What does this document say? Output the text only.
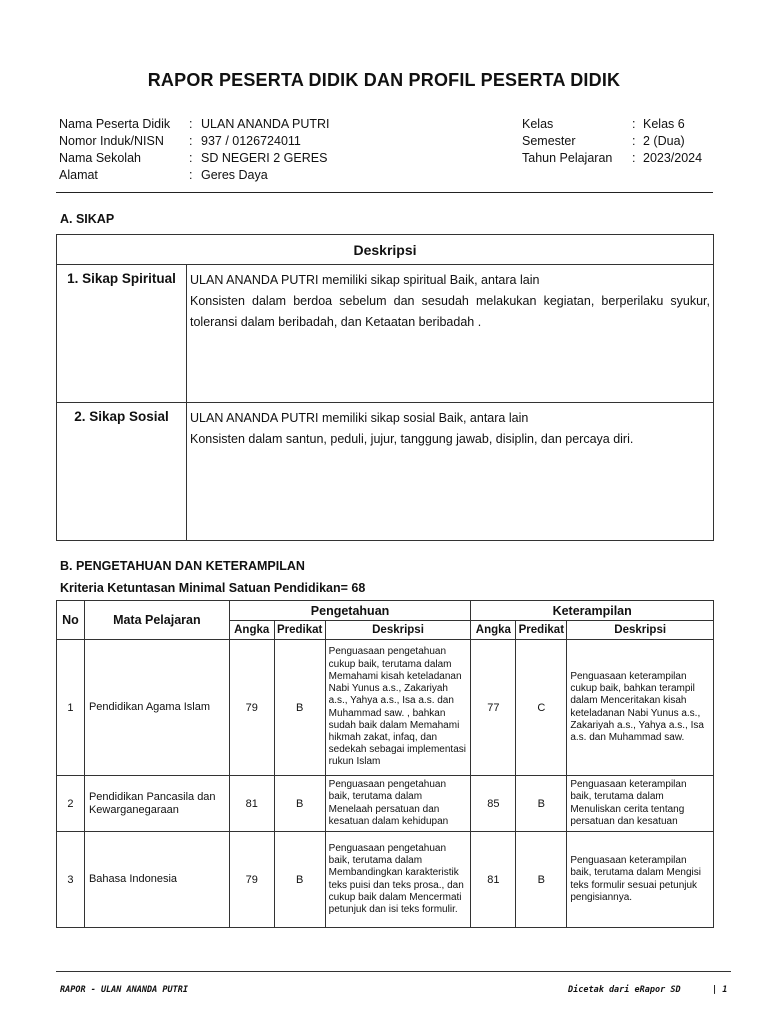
RAPOR PESERTA DIDIK DAN PROFIL PESERTA DIDIK
Nama Peserta Didik : ULAN ANANDA PUTRI
Nomor Induk/NISN : 937 / 0126724011
Nama Sekolah	: SD NEGERI 2 GERES
Alamat	: Geres Daya
Kelas	: Kelas 6
Semester	: 2 (Dua)
Tahun Pelajaran : 2023/2024
A. SIKAP
Deskripsi	
1. Sikap Spiritual	ULAN ANANDA PUTRI memiliki sikap spiritual Baik, antara lain
Konsisten dalam berdoa sebelum dan sesudah melakukan kegiatan, berperilaku syukur, toleransi dalam beribadah, dan Ketaatan beribadah .

2. Sikap Sosial	ULAN ANANDA PUTRI memiliki sikap sosial Baik, antara lain
Konsisten dalam santun, peduli, jujur, tanggung jawab, disiplin, dan percaya diri.
B. PENGETAHUAN DAN KETERAMPILAN
Kriteria Ketuntasan Minimal Satuan Pendidikan= 68
No	Mata Pelajaran	Pengetahuan			Keterampilan		
		Angka	Predikat	Deskripsi	Angka	Predikat	Deskripsi
1	Pendidikan Agama Islam	79	B	Penguasaan pengetahuan cukup baik, terutama dalam Memahami kisah keteladanan Nabi Yunus a.s., Zakariyah a.s., Yahya a.s., Isa a.s. dan Muhammad saw. , bahkan sudah baik dalam Memahami hikmah zakat, infaq, dan sedekah sebagai implementasi rukun Islam	77	C	Penguasaan keterampilan cukup baik, bahkan terampil dalam Menceritakan kisah keteladanan Nabi Yunus a.s., Zakariyah a.s., Yahya a.s., Isa a.s. dan Muhammad saw.
2	Pendidikan Pancasila dan Kewarganegaraan	81	B	Penguasaan pengetahuan baik, terutama dalam Menelaah persatuan dan kesatuan dalam kehidupan	85	B	Penguasaan keterampilan baik, terutama dalam Menuliskan cerita tentang persatuan dan kesatuan
3	Bahasa Indonesia	79	B	Penguasaan pengetahuan baik, terutama dalam Membandingkan karakteristik teks puisi dan teks prosa., dan cukup baik dalam Mencermati petunjuk dan isi teks formulir.	81	B	Penguasaan keterampilan baik, terutama dalam Mengisi teks formulir sesuai petunjuk pengisiannya.
RAPOR - ULAN ANANDA PUTRI	Dicetak dari eRapor SD	| 1
